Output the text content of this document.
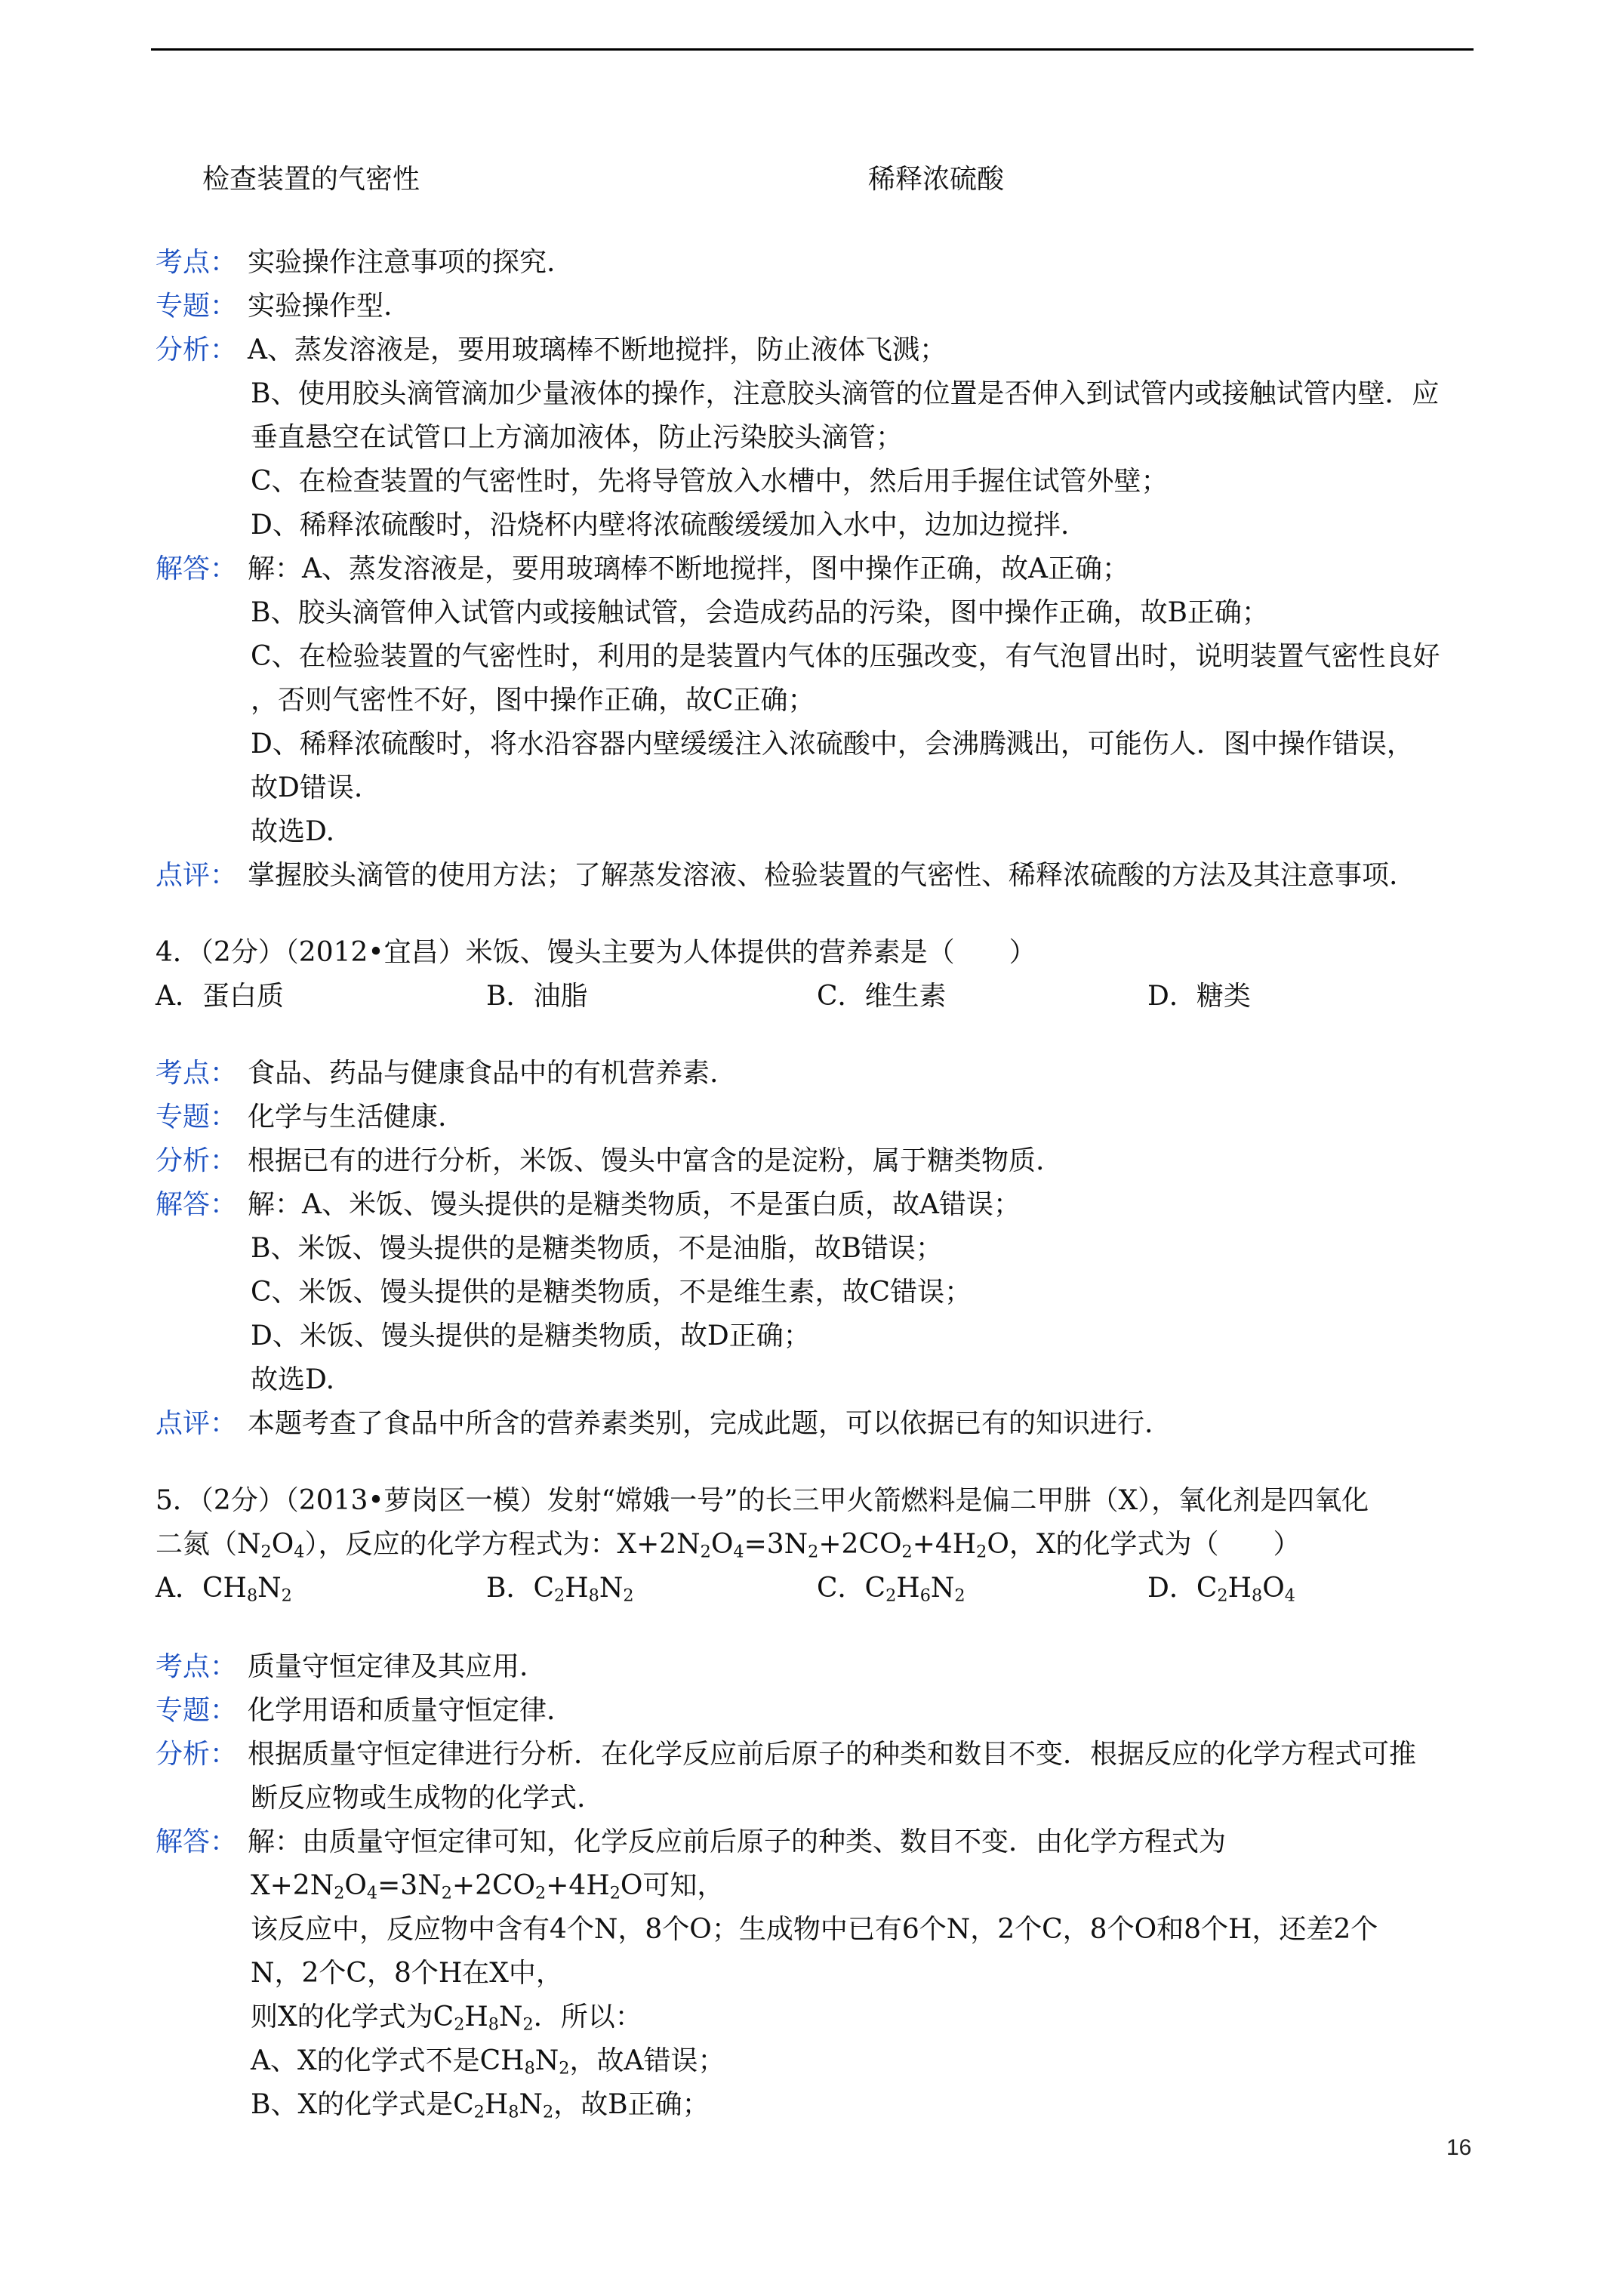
检查装置的气密性	稀释浓硫酸
考点： 实验操作注意事项的探究.
专题： 实验操作型.
分析： A、蒸发溶液是，要用玻璃棒不断地搅拌，防止液体飞溅；
B、使用胶头滴管滴加少量液体的操作，注意胶头滴管的位置是否伸入到试管内或接触试管内壁．应
垂直悬空在试管口上方滴加液体，防止污染胶头滴管；
C、在检查装置的气密性时，先将导管放入水槽中，然后用手握住试管外壁；
D、稀释浓硫酸时，沿烧杯内壁将浓硫酸缓缓加入水中，边加边搅拌.
解答： 解：A、蒸发溶液是，要用玻璃棒不断地搅拌，图中操作正确，故A正确；
B、胶头滴管伸入试管内或接触试管，会造成药品的污染，图中操作正确，故B正确；
C、在检验装置的气密性时，利用的是装置内气体的压强改变，有气泡冒出时，说明装置气密性良好
，否则气密性不好，图中操作正确，故C正确；
D、稀释浓硫酸时，将水沿容器内壁缓缓注入浓硫酸中，会沸腾溅出，可能伤人．图中操作错误，
故D错误.
故选D.
点评： 掌握胶头滴管的使用方法；了解蒸发溶液、检验装置的气密性、稀释浓硫酸的方法及其注意事项.
4．（2分）（2012•宜昌）米饭、馒头主要为人体提供的营养素是（　　）
A．蛋白质	B．油脂	C．维生素	D．糖类
考点： 食品、药品与健康食品中的有机营养素.
专题： 化学与生活健康.
分析： 根据已有的进行分析，米饭、馒头中富含的是淀粉，属于糖类物质.
解答： 解：A、米饭、馒头提供的是糖类物质，不是蛋白质，故A错误；
B、米饭、馒头提供的是糖类物质，不是油脂，故B错误；
C、米饭、馒头提供的是糖类物质，不是维生素，故C错误；
D、米饭、馒头提供的是糖类物质，故D正确；
故选D.
点评： 本题考查了食品中所含的营养素类别，完成此题，可以依据已有的知识进行.
5．（2分）（2013•萝岗区一模）发射“嫦娥一号”的长三甲火箭燃料是偏二甲肼（X），氧化剂是四氧化
二氮$(N_2O_4)$，反应的化学方程式为：$X+2N_2O_4=3N_2+2CO_2+4H_2O$，X的化学式为（　　）
A．$CH_8N_2$	B．$C_2H_8N_2$	C．$C_2H_6N_2$	D．$C_2H_8O_4$
考点： 质量守恒定律及其应用.
专题： 化学用语和质量守恒定律.
分析： 根据质量守恒定律进行分析．在化学反应前后原子的种类和数目不变．根据反应的化学方程式可推
断反应物或生成物的化学式.
解答： 解：由质量守恒定律可知，化学反应前后原子的种类、数目不变．由化学方程式为
$X+2N_2O_4=3N_2+2CO_2+4H_2O$可知，
该反应中，反应物中含有4个N，8个O；生成物中已有6个N，2个C，8个O和8个H，还差2个
N，2个C，8个H在X中，
则X的化学式为$C_2H_8N_2$．所以：
A、X的化学式不是$CH_8N_2$，故A错误；
B、X的化学式是$C_2H_8N_2$，故B正确；
16
